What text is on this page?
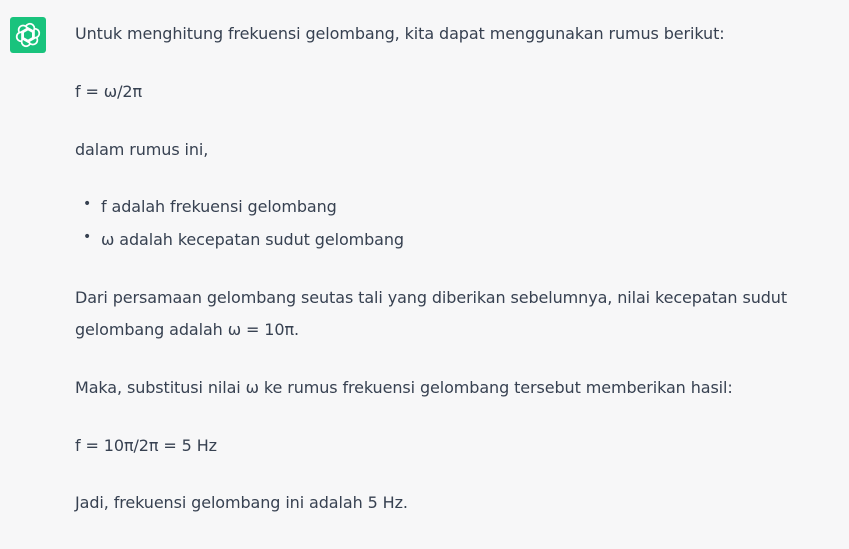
Untuk menghitung frekuensi gelombang, kita dapat menggunakan rumus berikut:
f = ω/2π
dalam rumus ini,
• f adalah frekuensi gelombang
• ω adalah kecepatan sudut gelombang
Dari persamaan gelombang seutas tali yang diberikan sebelumnya, nilai kecepatan sudut
gelombang adalah ω = 10π.
Maka, substitusi nilai ω ke rumus frekuensi gelombang tersebut memberikan hasil:
f = 10π/2π = 5 Hz
Jadi, frekuensi gelombang ini adalah 5 Hz.
